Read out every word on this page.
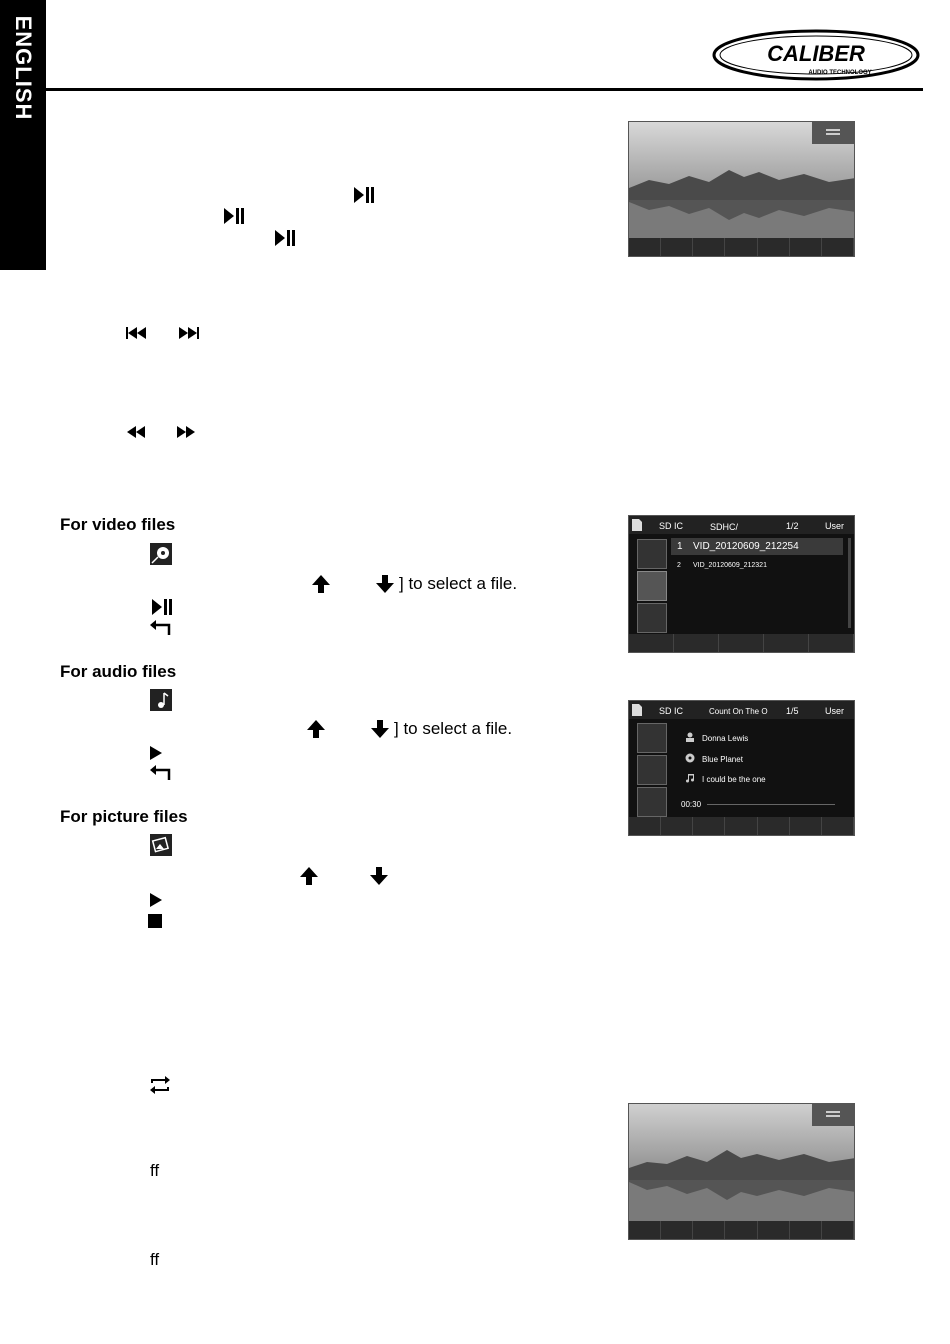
ENGLISH	CALIBER
AUDIO TECHNOLOGY
For video files
] to select a file.
For audio files
] to select a file.
For picture files
ff
ff
SD IC	SDHC/	1/2	User
1 VID_20120609_212254
2 VID_20120609_212321
SD IC	Count On The O 1/5	User
Donna Lewis
Blue Planet
I could be the one
00:30
